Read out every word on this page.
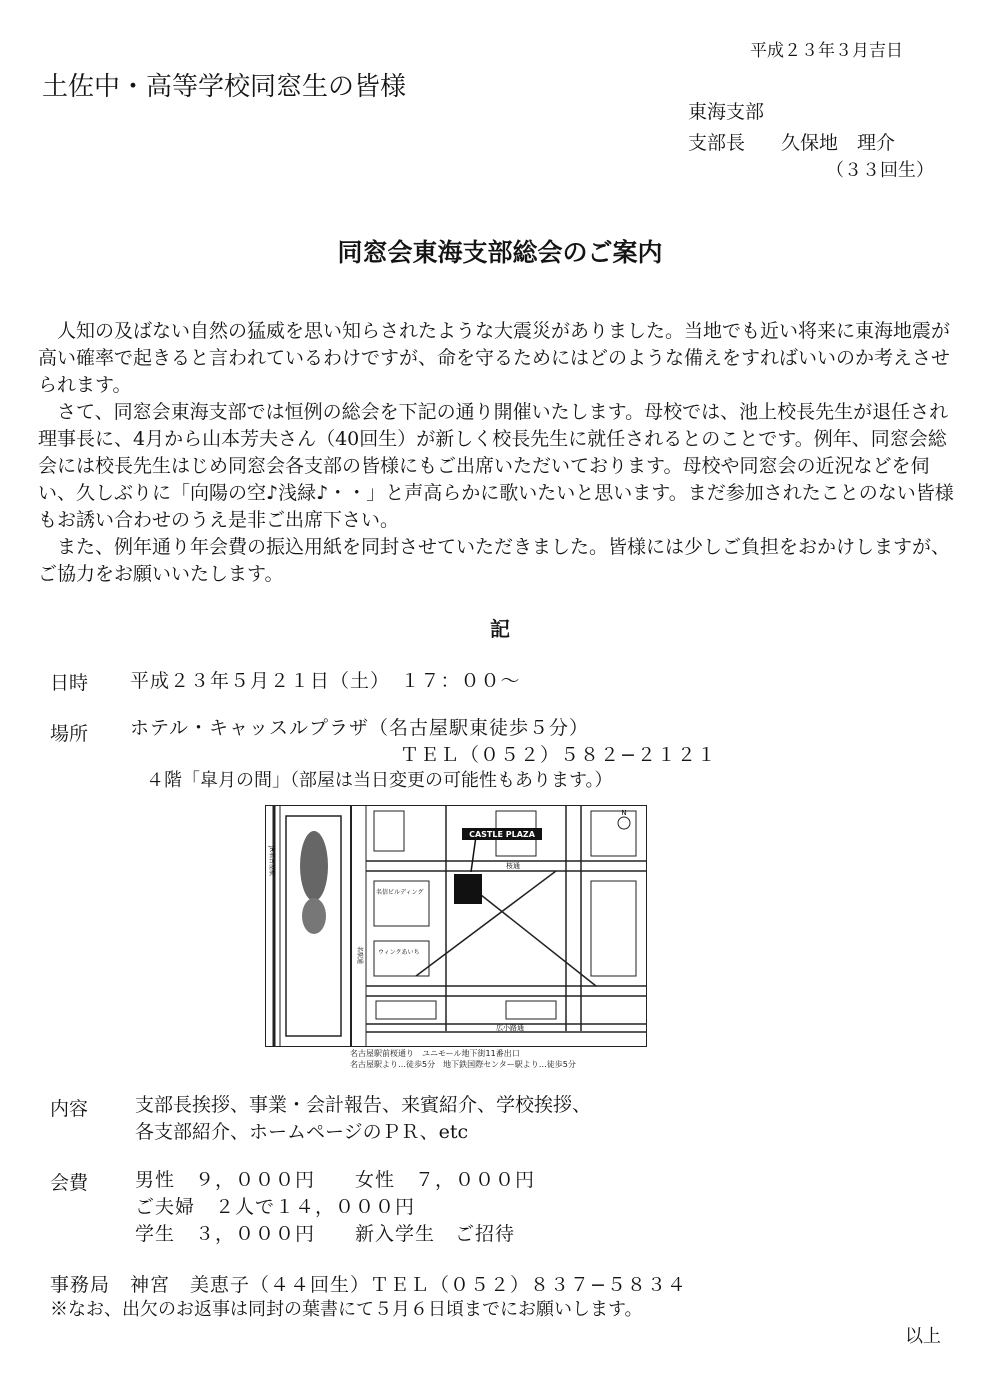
平成２３年３月吉日
土佐中・高等学校同窓生の皆様
東海支部
支部長 久保地　理介
（３３回生）
同窓会東海支部総会のご案内

人知の及ばない自然の猛威を思い知らされたような大震災がありました。当地でも近い将来に東海地震が高い確率で起きると言われているわけですが、命を守るためにはどのような備えをすればいいのか考えさせられます。

さて、同窓会東海支部では恒例の総会を下記の通り開催いたします。母校では、池上校長先生が退任され理事長に、4月から山本芳夫さん（40回生）が新しく校長先生に就任されるとのことです。例年、同窓会総会には校長先生はじめ同窓会各支部の皆様にもご出席いただいております。母校や同窓会の近況などを伺い、久しぶりに「向陽の空♪浅緑♪・・」と声高らかに歌いたいと思います。まだ参加されたことのない皆様もお誘い合わせのうえ是非ご出席下さい。

また、例年通り年会費の振込用紙を同封させていただきました。皆様には少しご負担をおかけしますが、ご協力をお願いいたします。

記
日時 平成２３年５月２１日（土）　１７：００〜
場所 ホテル・キャッスルプラザ（名古屋駅東徒歩５分）
ＴＥＬ（０５２）５８２−２１２１
４階「皐月の間」（部屋は当日変更の可能性もあります。）
CASTLE PLAZA
N
桜通
広小路通
名信ビルディング
ウィンクあいち
JR名古屋駅
名駅通
名古屋駅前桜通り　ユニモール地下街11番出口
名古屋駅より…徒歩5分　地下鉄国際センター駅より…徒歩5分
内容 支部長挨拶、事業・会計報告、来賓紹介、学校挨拶、
各支部紹介、ホームページのＰＲ、etc
会費 男性　９，０００円　　女性　７，０００円
ご夫婦　２人で１４，０００円
学生　３，０００円　　新入学生　ご招待
事務局　神宮　美恵子（４４回生）ＴＥＬ（０５２）８３７−５８３４
※なお、出欠のお返事は同封の葉書にて５月６日頃までにお願いします。
以上
